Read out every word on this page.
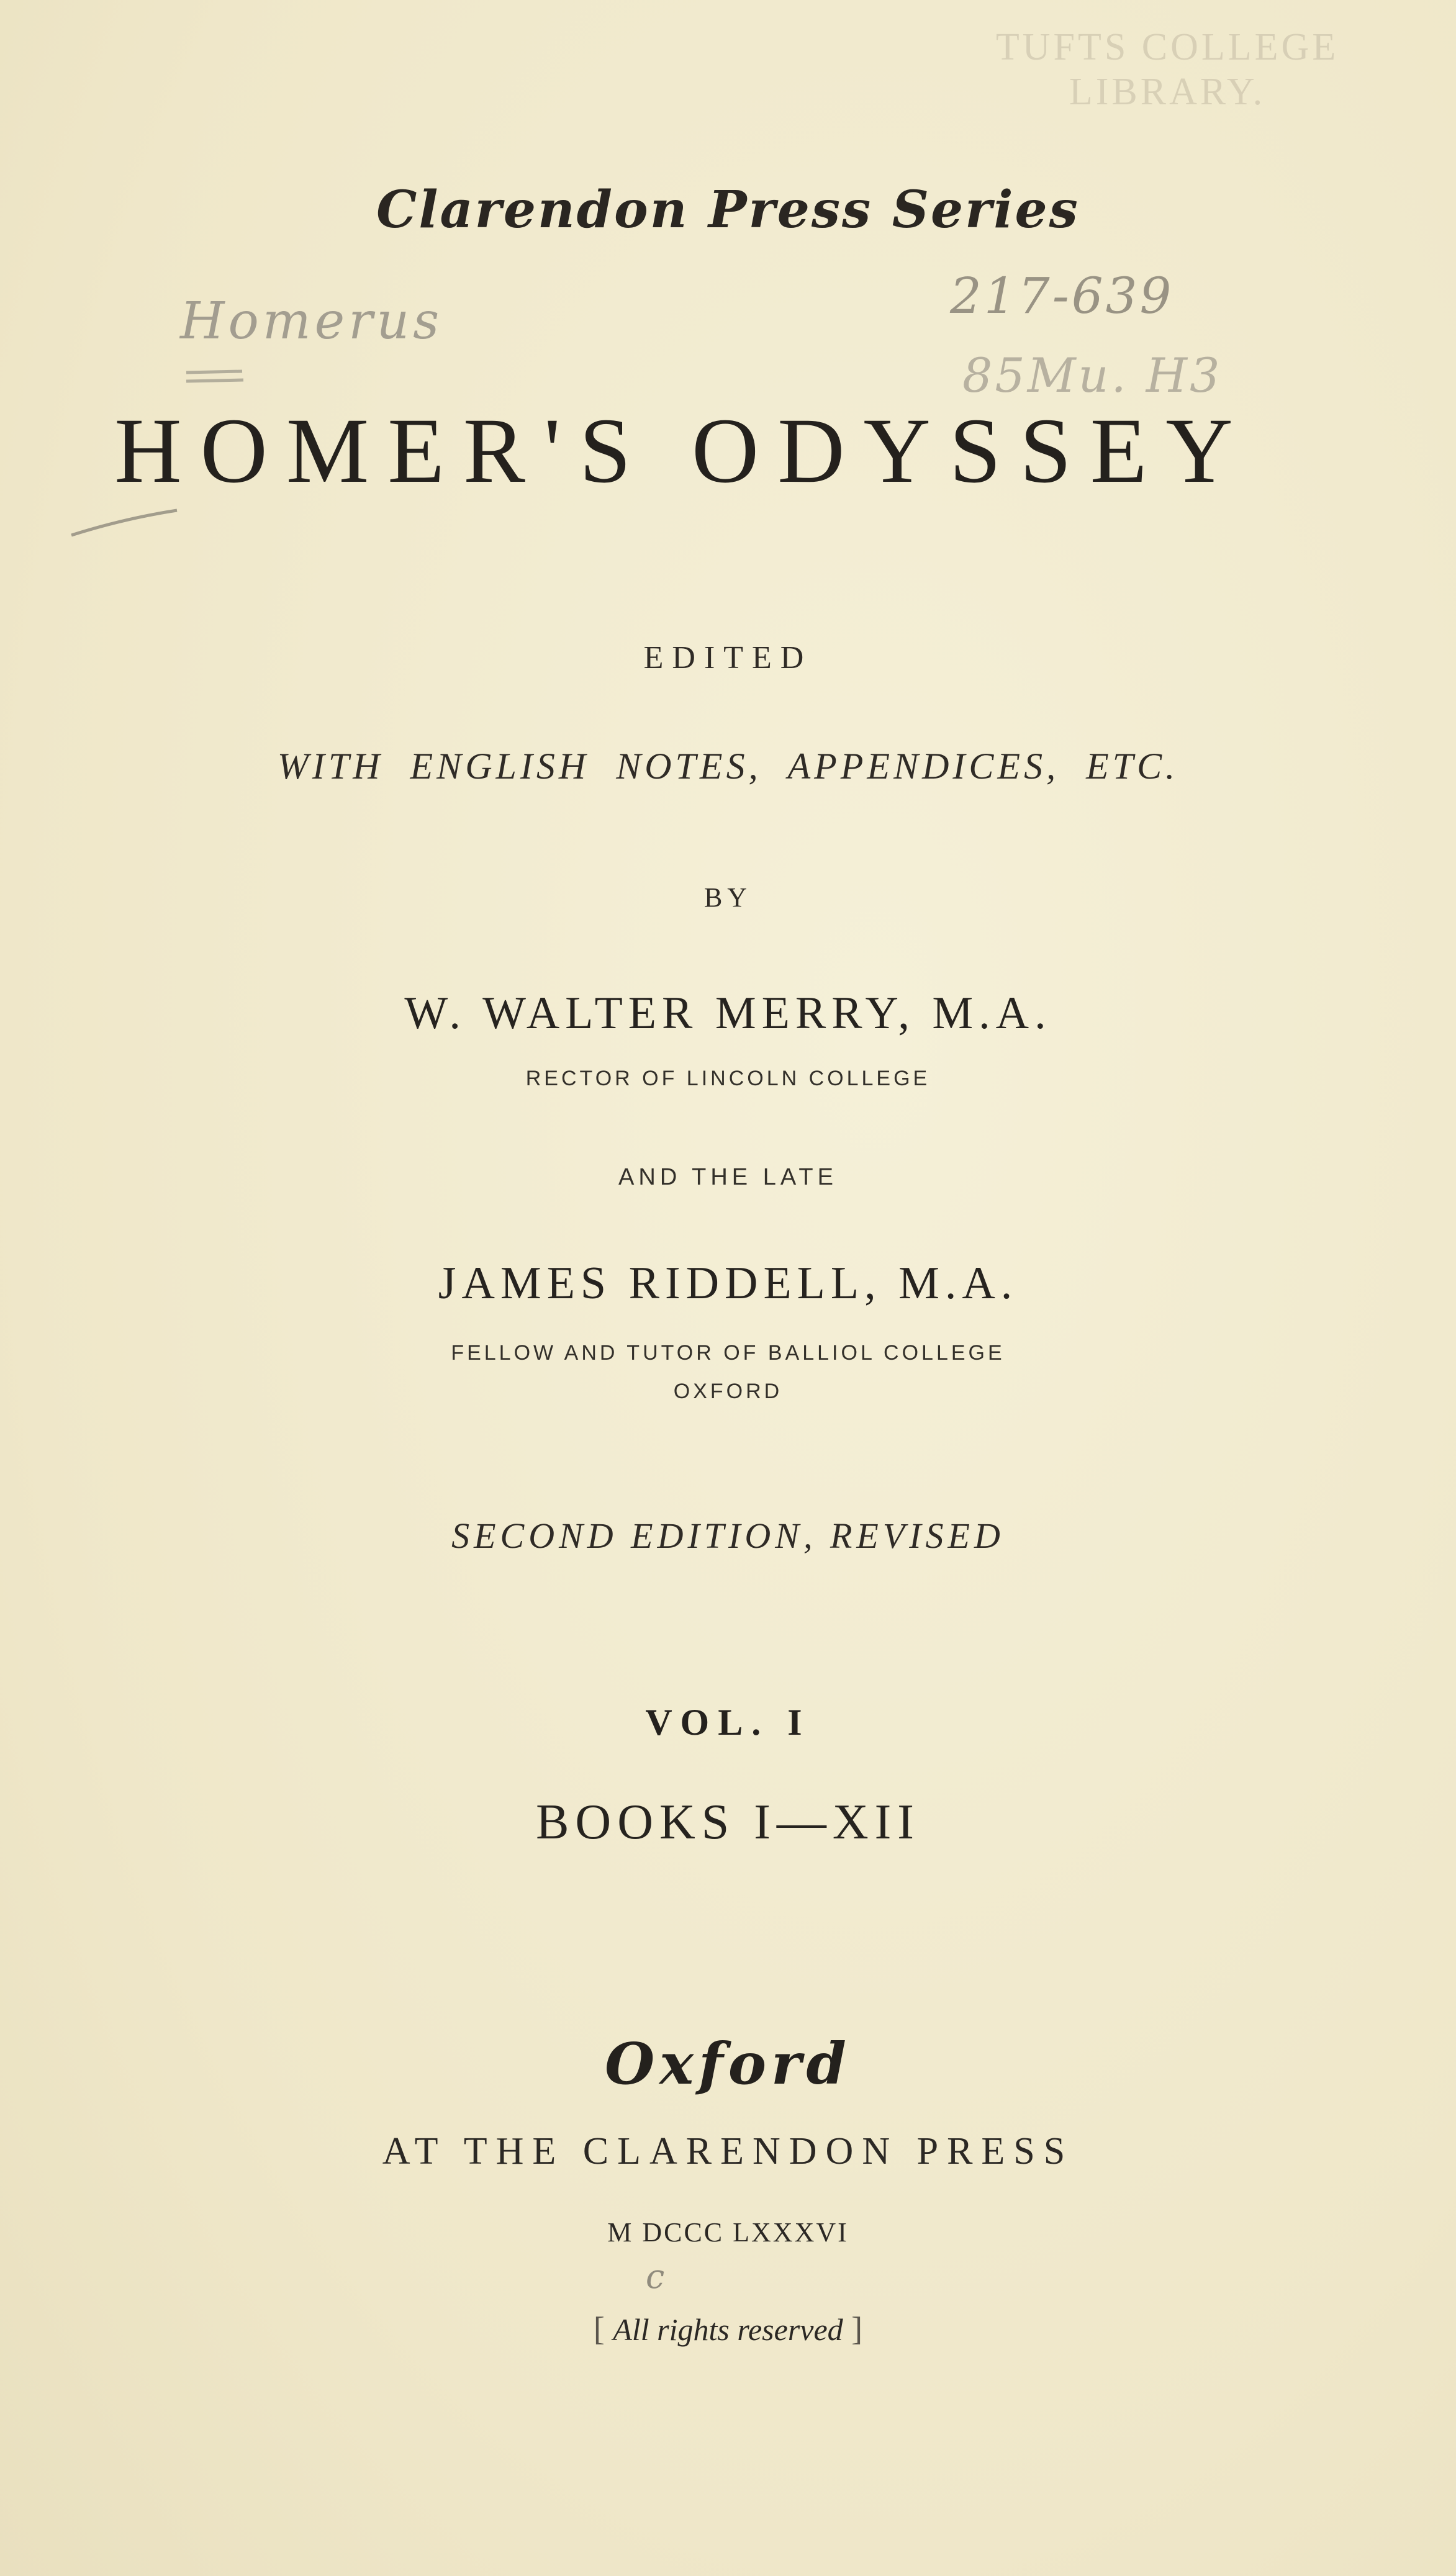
TUFTS COLLEGE
LIBRARY.
Clarendon Press Series
Homerus	217-639
85Mu. H3
HOMER'S ODYSSEY
EDITED
WITH ENGLISH NOTES, APPENDICES, ETC.
BY
W. WALTER MERRY, M.A.
RECTOR OF LINCOLN COLLEGE
AND THE LATE
JAMES RIDDELL, M.A.
FELLOW AND TUTOR OF BALLIOL COLLEGE
OXFORD
SECOND EDITION, REVISED
VOL. I
BOOKS I—XII
Oxford
AT THE CLARENDON PRESS
M DCCC LXXXVI
c
[ All rights reserved ]
